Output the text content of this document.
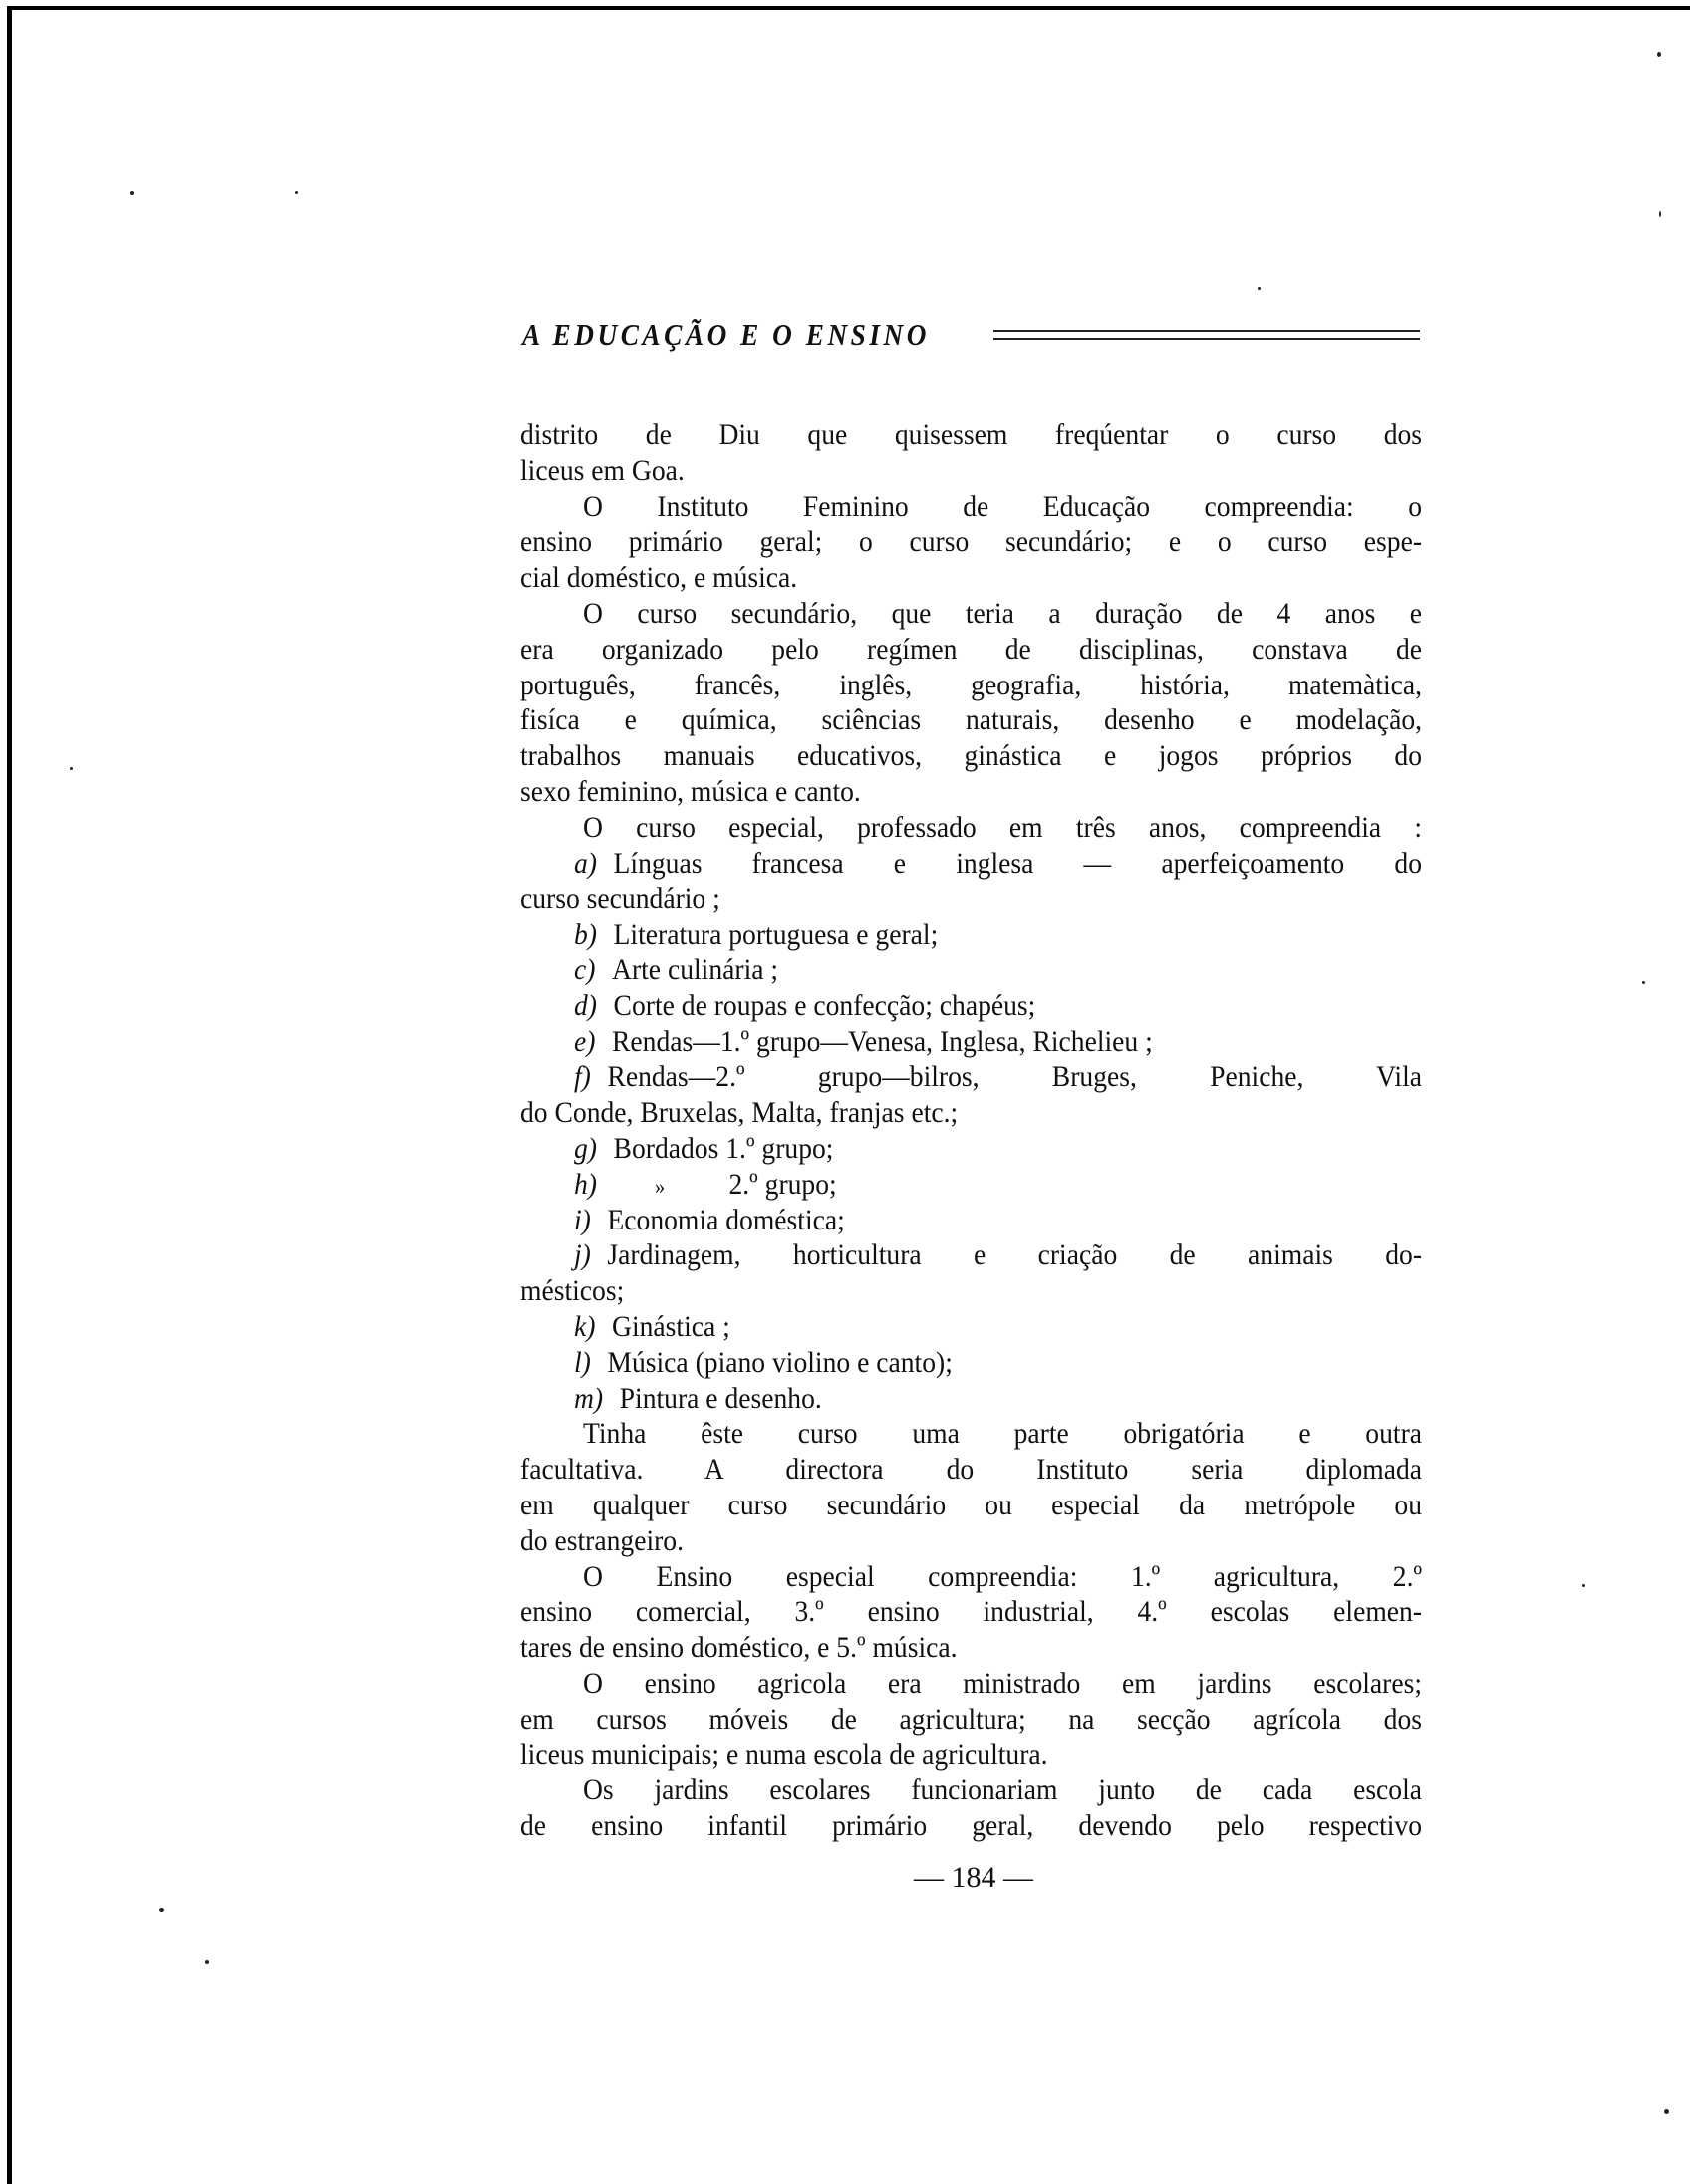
A EDUCAÇÃO E O ENSINO
distrito de Diu que quisessem freqúentar o curso dos
liceus em Goa.
O Instituto Feminino de Educação compreendia: o
ensino primário geral; o curso secundário; e o curso espe-
cial doméstico, e música.
O curso secundário, que teria a duração de 4 anos e
era organizado pelo regímen de disciplinas, constava de
português, francês, inglês, geografia, história, matemàtica,
fisíca e química, sciências naturais, desenho e modelação,
trabalhos manuais educativos, ginástica e jogos próprios do
sexo feminino, música e canto.
O curso especial, professado em três anos, compreendia :
a) Línguas francesa e inglesa — aperfeiçoamento do
curso secundário ;
b) Literatura portuguesa e geral;
c) Arte culinária ;
d) Corte de roupas e confecção; chapéus;
e) Rendas—1.º grupo—Venesa, Inglesa, Richelieu ;
f) Rendas—2.º grupo—bilros, Bruges, Peniche, Vila
do Conde, Bruxelas, Malta, franjas etc.;
g) Bordados 1.º grupo;
h)	» 2.º grupo;
i) Economia doméstica;
j) Jardinagem, horticultura e criação de animais do-
mésticos;
k) Ginástica ;
l) Música (piano violino e canto);
m) Pintura e desenho.
Tinha êste curso uma parte obrigatória e outra
facultativa. A directora do Instituto seria diplomada
em qualquer curso secundário ou especial da metrópole ou
do estrangeiro.
O Ensino especial compreendia: 1.º agricultura, 2.º
ensino comercial, 3.º ensino industrial, 4.º escolas elemen-
tares de ensino doméstico, e 5.º música.
O ensino agricola era ministrado em jardins escolares;
em cursos móveis de agricultura; na secção agrícola dos
liceus municipais; e numa escola de agricultura.
Os jardins escolares funcionariam junto de cada escola
de ensino infantil primário geral, devendo pelo respectivo
— 184 —
